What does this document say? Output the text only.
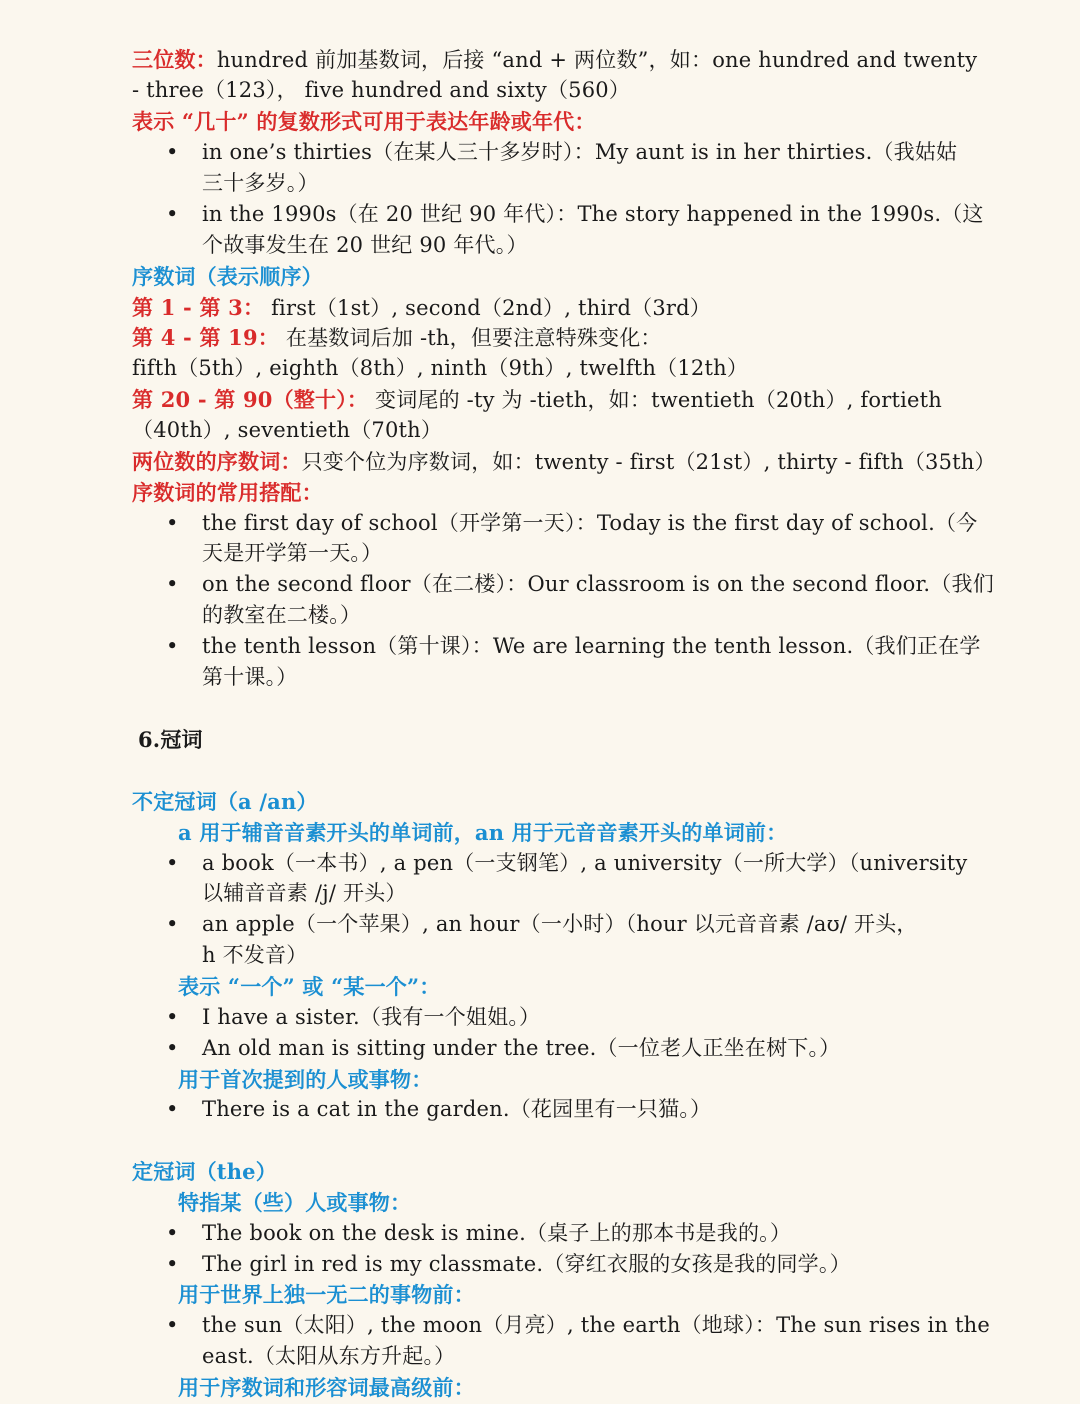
三位数：hundred 前加基数词，后接 “and + 两位数”，如：one hundred and twenty
- three（123）， five hundred and sixty（560）
表示 “几十” 的复数形式可用于表达年龄或年代：
in one’s thirties（在某人三十多岁时）：My aunt is in her thirties.（我姑姑
三十多岁。）
in the 1990s（在 20 世纪 90 年代）：The story happened in the 1990s.（这
个故事发生在 20 世纪 90 年代。）
序数词（表示顺序）
第 1 - 第 3： first（1st）, second（2nd）, third（3rd）
第 4 - 第 19： 在基数词后加 -th，但要注意特殊变化：
fifth（5th）, eighth（8th）, ninth（9th）, twelfth（12th）
第 20 - 第 90（整十）： 变词尾的 -ty 为 -tieth，如：twentieth（20th）, fortieth
（40th）, seventieth（70th）
两位数的序数词：只变个位为序数词，如：twenty - first（21st）, thirty - fifth（35th）
序数词的常用搭配：
the first day of school（开学第一天）：Today is the first day of school.（今
天是开学第一天。）
on the second floor（在二楼）：Our classroom is on the second floor.（我们
的教室在二楼。）
the tenth lesson（第十课）：We are learning the tenth lesson.（我们正在学
第十课。）
6.冠词
不定冠词（a /an）
a 用于辅音音素开头的单词前，an 用于元音音素开头的单词前：
a book（一本书）, a pen（一支钢笔）, a university（一所大学）（university
以辅音音素 /j/ 开头）
an apple（一个苹果）, an hour（一小时）（hour 以元音音素 /aʊ/ 开头，
h 不发音）
表示 “一个” 或 “某一个”：
I have a sister.（我有一个姐姐。）
An old man is sitting under the tree.（一位老人正坐在树下。）
用于首次提到的人或事物：
There is a cat in the garden.（花园里有一只猫。）
定冠词（the）
特指某（些）人或事物：
The book on the desk is mine.（桌子上的那本书是我的。）
The girl in red is my classmate.（穿红衣服的女孩是我的同学。）
用于世界上独一无二的事物前：
the sun（太阳）, the moon（月亮）, the earth（地球）：The sun rises in the
east.（太阳从东方升起。）
用于序数词和形容词最高级前：
